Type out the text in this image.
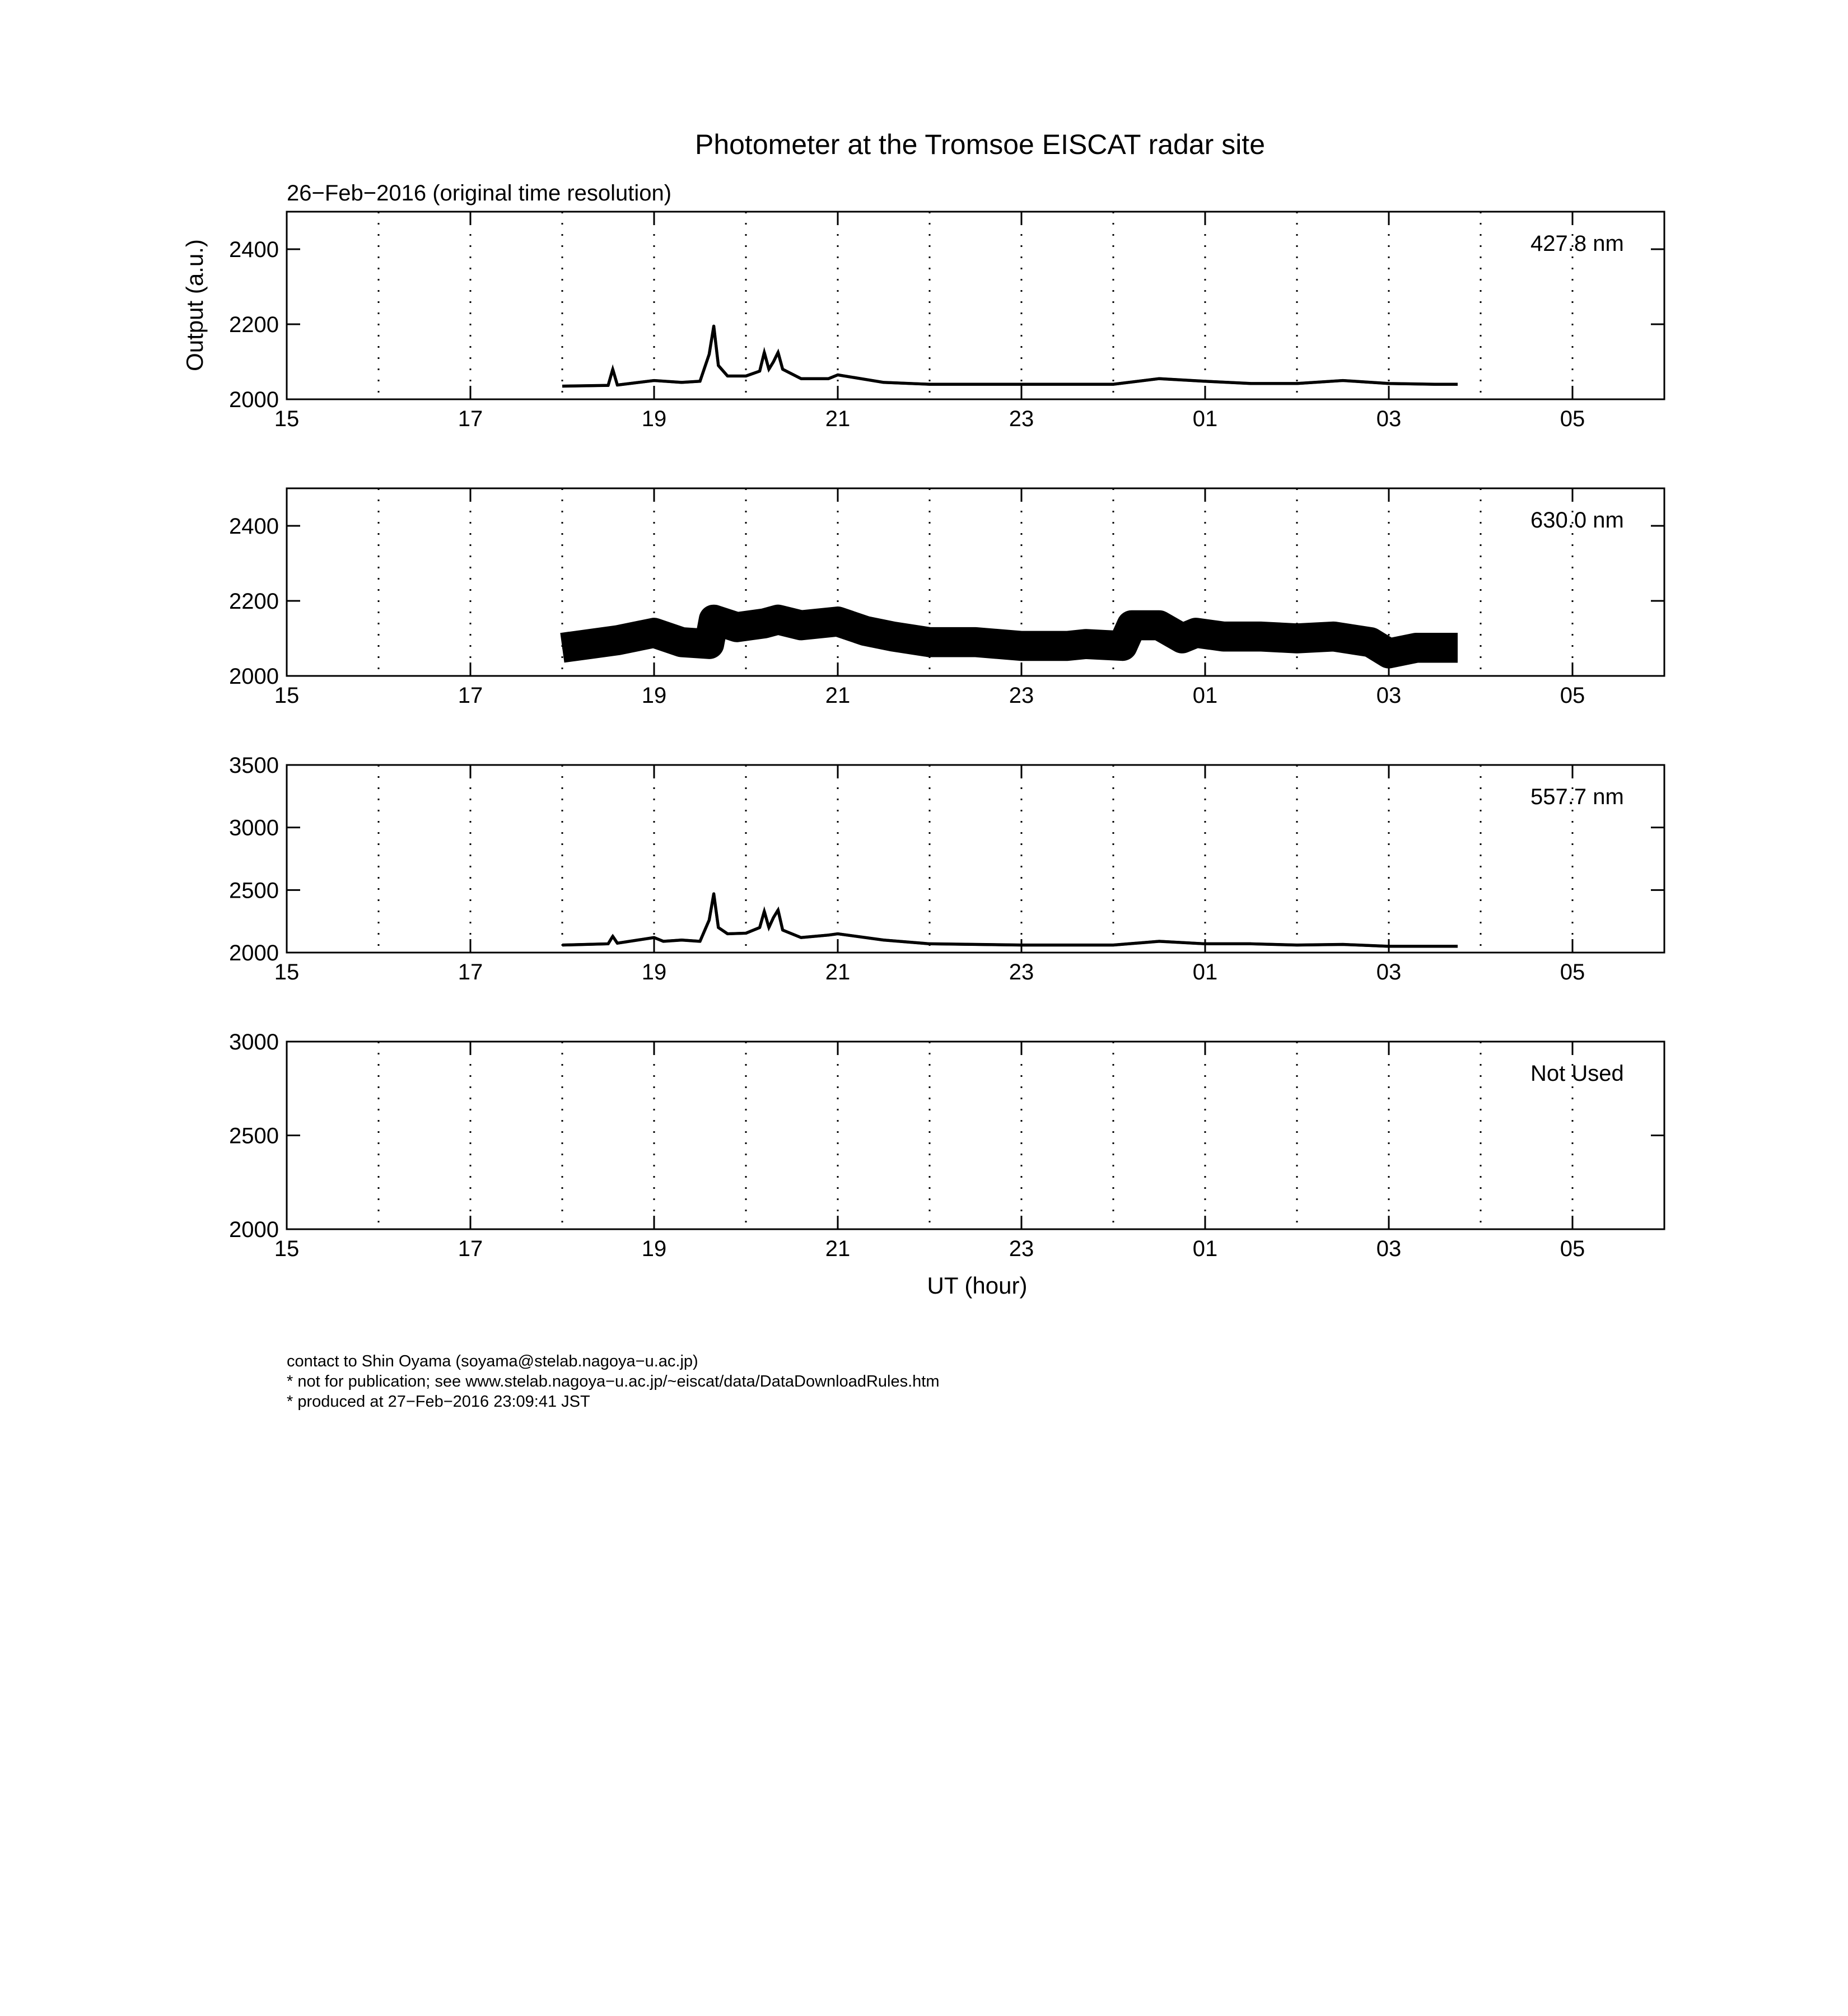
Photometer at the Tromsoe EISCAT radar site
26−Feb−2016 (original time resolution)
Output (a.u.)
UT (hour)
contact to Shin Oyama (soyama@stelab.nagoya−u.ac.jp)
* not for publication; see www.stelab.nagoya−u.ac.jp/~eiscat/data/DataDownloadRules.htm
* produced at 27−Feb−2016 23:09:41 JST
15	17	19	21	23	01	03	05
2000
2200
2400	427.8 nm
15	17	19	21	23	01	03	05
2000
2200
2400	630.0 nm
15	17	19	21	23	01	03	05
2000
2500
3000
3500
557.7 nm
15	17	19	21	23	01	03	05
2000
2500
3000
Not Used
